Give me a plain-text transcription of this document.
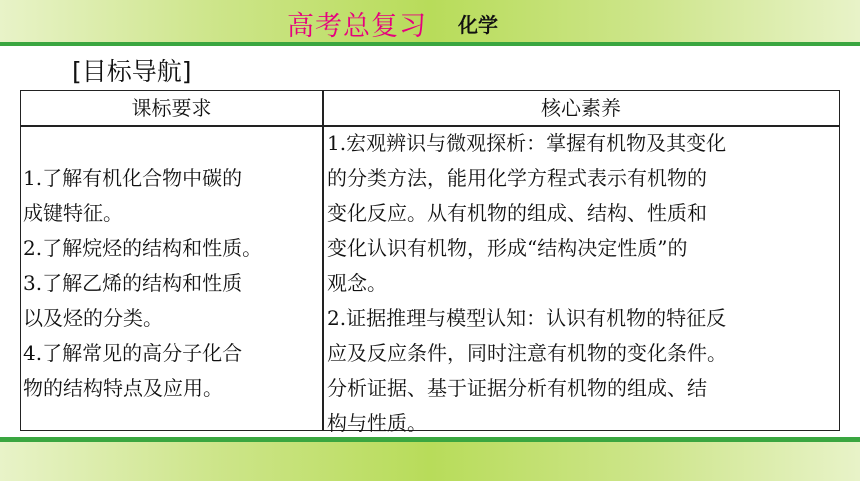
高考总复习 化学
[目标导航]
课标要求	核心素养

1.了解有机化合物中碳的

成键特征。

2.了解烷烃的结构和性质。

3.了解乙烯的结构和性质

以及烃的分类。

4.了解常见的高分子化合

物的结构特点及应用。

1.宏观辨识与微观探析：掌握有机物及其变化

的分类方法，能用化学方程式表示有机物的

变化反应。从有机物的组成、结构、性质和

变化认识有机物，形成“结构决定性质”的

观念。

2.证据推理与模型认知：认识有机物的特征反

应及反应条件，同时注意有机物的变化条件。

分析证据、基于证据分析有机物的组成、结

构与性质。
